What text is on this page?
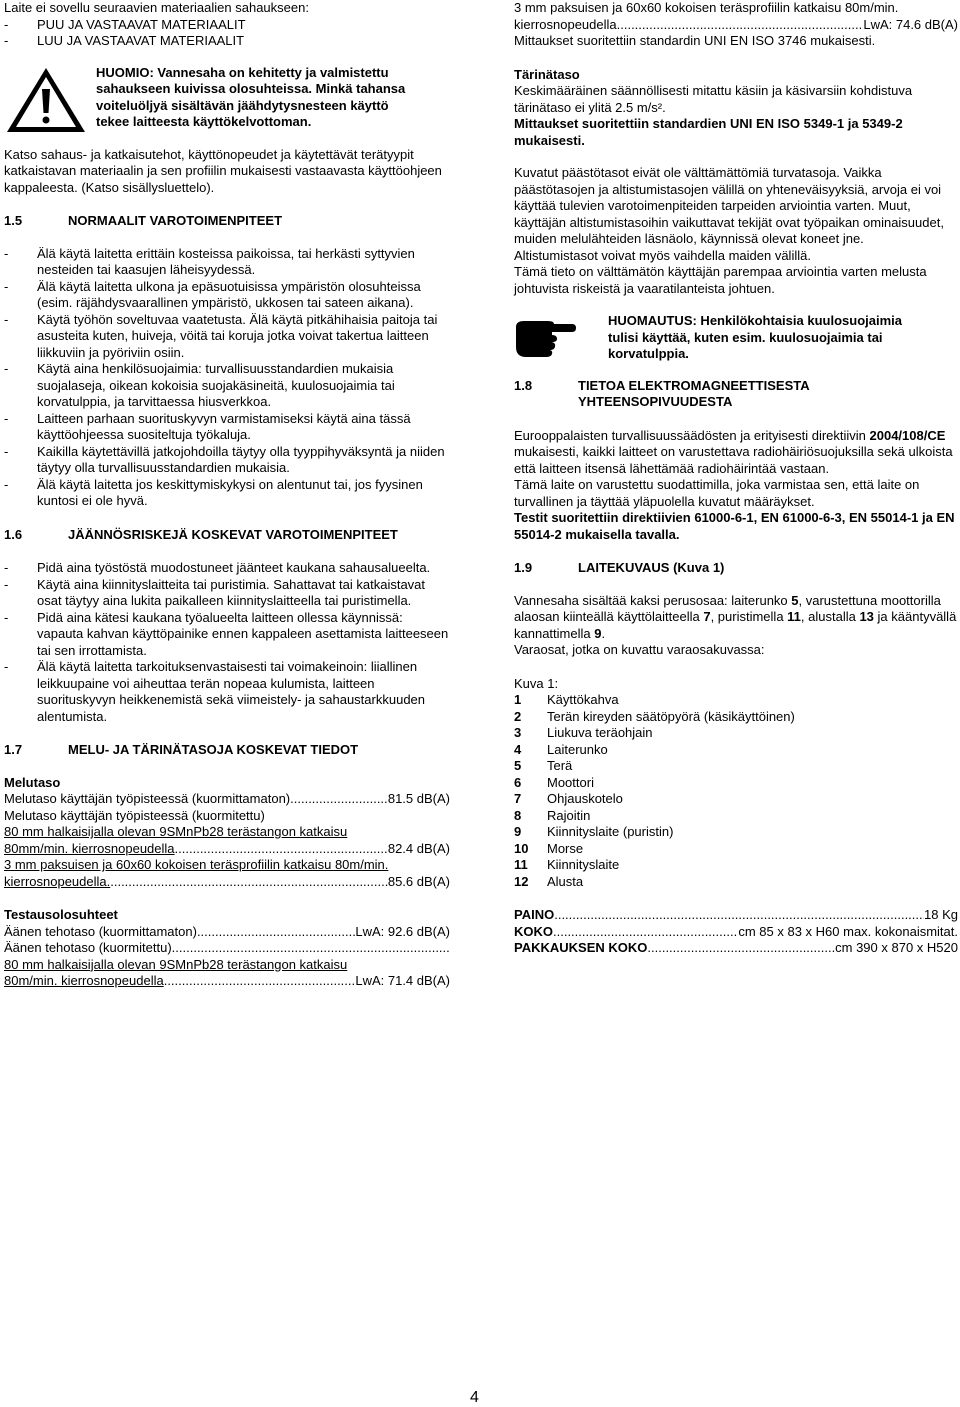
Laite ei sovellu seuraavien materiaalien sahaukseen:

-	PUU JA VASTAAVAT MATERIAALIT
-	LUU JA VASTAAVAT MATERIAALIT

HUOMIO: Vannesaha on kehitetty ja valmistettu

sahaukseen kuivissa olosuhteissa. Minkä tahansa

voiteluöljyä sisältävän jäähdytysnesteen käyttö

tekee laitteesta käyttökelvottoman.

Katso sahaus- ja katkaisutehot, käyttönopeudet ja käytettävät terätyypit katkaistavan materiaalin ja sen profiilin mukaisesti vastaavasta käyttöohjeen kappaleesta. (Katso sisällysluettelo).

1.5	NORMAALIT VAROTOIMENPITEET
-	Älä käytä laitetta erittäin kosteissa paikoissa, tai herkästi syttyvien nesteiden tai kaasujen läheisyydessä.
-	Älä käytä laitetta ulkona ja epäsuotuisissa ympäristön olosuhteissa (esim. räjähdysvaarallinen ympäristö, ukkosen tai sateen aikana).
-	Käytä työhön soveltuvaa vaatetusta. Älä käytä pitkähihaisia paitoja tai asusteita kuten, huiveja, vöitä tai koruja jotka voivat takertua laitteen liikkuviin ja pyöriviin osiin.
-	Käytä aina henkilösuojaimia: turvallisuusstandardien mukaisia suojalaseja, oikean kokoisia suojakäsineitä, kuulosuojaimia tai korvatulppia, ja tarvittaessa hiusverkkoa.
-	Laitteen parhaan suorituskyvyn varmistamiseksi käytä aina tässä käyttöohjeessa suositeltuja työkaluja.
-	Kaikilla käytettävillä jatkojohdoilla täytyy olla tyyppihyväksyntä ja niiden täytyy olla turvallisuusstandardien mukaisia.
-	Älä käytä laitetta jos keskittymiskykysi on alentunut tai, jos fyysinen kuntosi ei ole hyvä.
1.6	JÄÄNNÖSRISKEJÄ KOSKEVAT VAROTOIMENPITEET
-	Pidä aina työstöstä muodostuneet jäänteet kaukana sahausalueelta.
-	Käytä aina kiinnityslaitteita tai puristimia. Sahattavat tai katkaistavat osat täytyy aina lukita paikalleen kiinnityslaitteella tai puristimella.
-	Pidä aina kätesi kaukana työalueelta laitteen ollessa käynnissä: vapauta kahvan käyttöpainike ennen kappaleen asettamista laitteeseen tai sen irrottamista.
-	Älä käytä laitetta tarkoituksenvastaisesti tai voimakeinoin: liiallinen leikkuupaine voi aiheuttaa terän nopeaa kulumista, laitteen suorituskyvyn heikkenemistä sekä viimeistely- ja sahaustarkkuuden alentumista.
1.7	MELU- JA TÄRINÄTASOJA KOSKEVAT TIEDOT

Melutaso

Melutaso käyttäjän työpisteessä (kuormittamaton) .....	81.5 dB(A)

Melutaso käyttäjän työpisteessä (kuormitettu)

80 mm halkaisijalla olevan 9SMnPb28 terästangon katkaisu

80mm/min. kierrosnopeudella .....	82.4 dB(A)

3 mm paksuisen ja 60x60 kokoisen teräsprofiilin katkaisu 80m/min.

kierrosnopeudella. .....	85.6 dB(A)

Testausolosuhteet

Äänen tehotaso (kuormittamaton) .....	LwA: 92.6 dB(A)
Äänen tehotaso (kuormitettu)
.....

80 mm halkaisijalla olevan 9SMnPb28 terästangon katkaisu

80m/min. kierrosnopeudella .....	LwA: 71.4 dB(A)

3 mm paksuisen ja 60x60 kokoisen teräsprofiilin katkaisu 80m/min.

kierrosnopeudella. .....	LwA: 74.6 dB(A)

Mittaukset suoritettiin standardin UNI EN ISO 3746 mukaisesti.

Tärinätaso

Keskimääräinen säännöllisesti mitattu käsiin ja käsivarsiin kohdistuva tärinätaso ei ylitä 2.5 m/s².

Mittaukset suoritettiin standardien UNI EN ISO 5349-1 ja 5349-2 mukaisesti.

Kuvatut päästötasot eivät ole välttämättömiä turvatasoja. Vaikka päästötasojen ja altistumistasojen välillä on yhteneväisyyksiä, arvoja ei voi käyttää tulevien varotoimenpiteiden tarpeiden arviointia varten. Muut, käyttäjän altistumistasoihin vaikuttavat tekijät ovat työpaikan ominaisuudet, muiden melulähteiden läsnäolo, käynnissä olevat koneet jne.

Altistumistasot voivat myös vaihdella maiden välillä.

Tämä tieto on välttämätön käyttäjän parempaa arviointia varten melusta johtuvista riskeistä ja vaaratilanteista johtuen.

HUOMAUTUS: Henkilökohtaisia kuulosuojaimia

tulisi käyttää, kuten esim. kuulosuojaimia tai

korvatulppia.

1.8	TIETOA ELEKTROMAGNEETTISESTA
YHTEENSOPIVUUDESTA

Eurooppalaisten turvallisuussäädösten ja erityisesti direktiivin 2004/108/CE mukaisesti, kaikki laitteet on varustettava radiohäiriösuojuksilla sekä ulkoista että laitteen itsensä lähettämää radiohäirintää vastaan.

Tämä laite on varustettu suodattimilla, joka varmistaa sen, että laite on turvallinen ja täyttää yläpuolella kuvatut määräykset.

Testit suoritettiin direktiivien 61000-6-1, EN 61000-6-3, EN 55014-1 ja EN 55014-2 mukaisella tavalla.

1.9	LAITEKUVAUS (Kuva 1)

Vannesaha sisältää kaksi perusosaa: laiterunko 5, varustettuna moottorilla alaosan kiinteällä käyttölaitteella 7, puristimella 11, alustalla 13 ja kääntyvällä kannattimella 9.

Varaosat, jotka on kuvattu varaosakuvassa:

Kuva 1:

1	Käyttökahva
2	Terän kireyden säätöpyörä (käsikäyttöinen)
3	Liukuva teräohjain
4	Laiterunko
5	Terä
6	Moottori
7	Ohjauskotelo
8	Rajoitin
9	Kiinnityslaite (puristin)
10	Morse
11	Kiinnityslaite
12	Alusta
PAINO .....	18 Kg
KOKO .....	cm 85 x 83 x H60 max. kokonaismitat.
PAKKAUKSEN KOKO .....	cm 390 x 870 x H520
4
